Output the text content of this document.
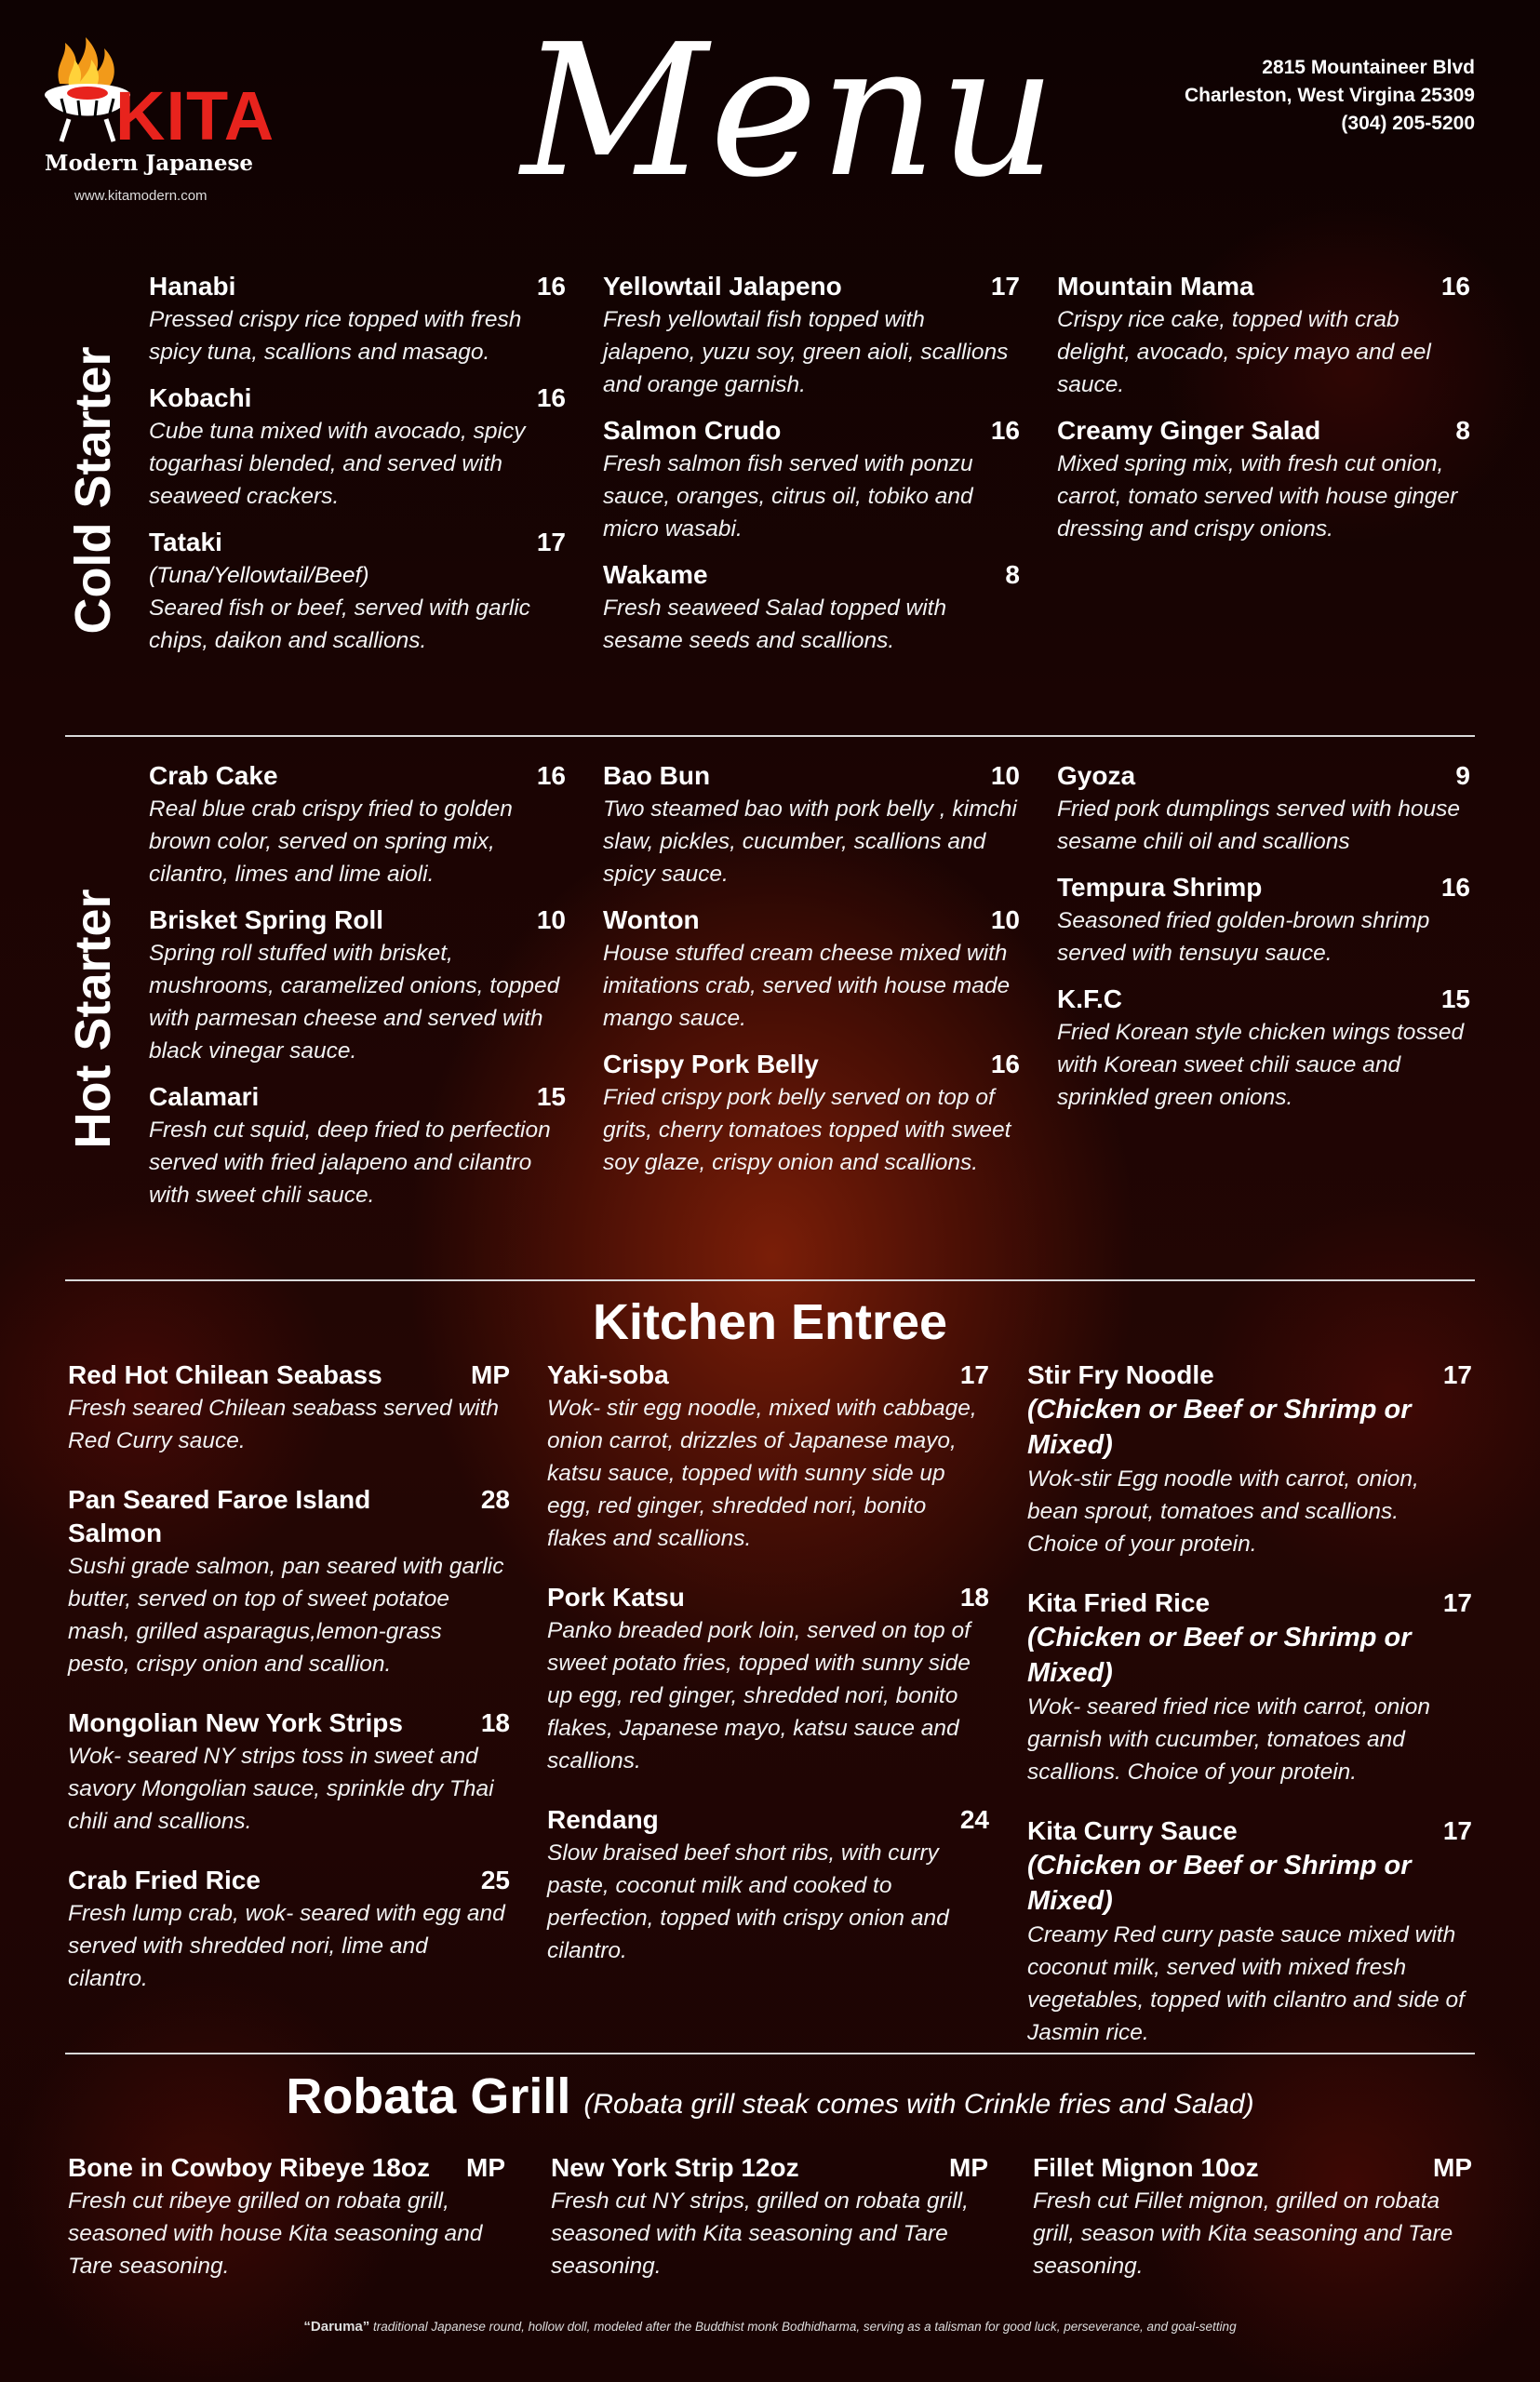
KITA
Modern Japanese
www.kitamodern.com Menu	2815 Mountaineer Blvd
Charleston, West Virgina 25309
(304) 205-5200
Cold Starter
Hanabi	16
Pressed crispy rice topped with fresh spicy tuna, scallions and masago.
Kobachi	16
Cube tuna mixed with avocado, spicy togarhasi blended, and served with seaweed crackers.
Tataki	17
(Tuna/Yellowtail/Beef)
Seared fish or beef, served with garlic chips, daikon and scallions.
Yellowtail Jalapeno	17
Fresh yellowtail fish topped with jalapeno, yuzu soy, green aioli, scallions and orange garnish.
Salmon Crudo	16
Fresh salmon fish served with ponzu sauce, oranges, citrus oil, tobiko and micro wasabi.
Wakame	8
Fresh seaweed Salad topped with sesame seeds and scallions.
Mountain Mama	16
Crispy rice cake, topped with crab delight, avocado, spicy mayo and eel sauce.
Creamy Ginger Salad	8
Mixed spring mix, with fresh cut onion, carrot, tomato served with house ginger dressing and crispy onions.
Hot Starter
Crab Cake	16
Real blue crab crispy fried to golden brown color, served on spring mix, cilantro, limes and lime aioli.
Brisket Spring Roll	10
Spring roll stuffed with brisket, mushrooms, caramelized onions, topped with parmesan cheese and served with black vinegar sauce.
Calamari	15
Fresh cut squid, deep fried to perfection served with fried jalapeno and cilantro with sweet chili sauce.
Bao Bun	10
Two steamed bao with pork belly , kimchi slaw, pickles, cucumber, scallions and spicy sauce.
Wonton	10
House stuffed cream cheese mixed with imitations crab, served with house made mango sauce.
Crispy Pork Belly	16
Fried crispy pork belly served on top of grits, cherry tomatoes topped with sweet soy glaze, crispy onion and scallions.
Gyoza	9
Fried pork dumplings served with house sesame chili oil and scallions
Tempura Shrimp	16
Seasoned fried golden-brown shrimp served with tensuyu sauce.
K.F.C	15
Fried Korean style chicken wings tossed with Korean sweet chili sauce and sprinkled green onions.
Kitchen Entree
Red Hot Chilean Seabass	MP
Fresh seared Chilean seabass served with Red Curry sauce.
Pan Seared Faroe Island Salmon
28
Sushi grade salmon, pan seared with garlic butter, served on top of sweet potatoe mash, grilled asparagus,lemon-grass pesto, crispy onion and scallion.
Mongolian New York Strips	18
Wok- seared NY strips toss in sweet and savory Mongolian sauce, sprinkle dry Thai chili and scallions.
Crab Fried Rice	25
Fresh lump crab, wok- seared with egg and served with shredded nori, lime and cilantro.
Yaki-soba	17
Wok- stir egg noodle, mixed with cabbage, onion carrot, drizzles of Japanese mayo, katsu sauce, topped with sunny side up egg, red ginger, shredded nori, bonito flakes and scallions.
Pork Katsu	18
Panko breaded pork loin, served on top of sweet potato fries, topped with sunny side up egg, red ginger, shredded nori, bonito flakes, Japanese mayo, katsu sauce and scallions.
Rendang	24
Slow braised beef short ribs, with curry paste, coconut milk and cooked to perfection, topped with crispy onion and cilantro.
Stir Fry Noodle	17
(Chicken or Beef or Shrimp or Mixed)
Wok-stir Egg noodle with carrot, onion, bean sprout, tomatoes and scallions. Choice of your protein.
Kita Fried Rice	17
(Chicken or Beef or Shrimp or Mixed)
Wok- seared fried rice with carrot, onion garnish with cucumber, tomatoes and scallions. Choice of your protein.
Kita Curry Sauce	17
(Chicken or Beef or Shrimp or Mixed)
Creamy Red curry paste sauce mixed with coconut milk, served with mixed fresh vegetables, topped with cilantro and side of Jasmin rice.
Robata Grill (Robata grill steak comes with Crinkle fries and Salad)
Bone in Cowboy Ribeye 18oz	MP
Fresh cut ribeye grilled on robata grill, seasoned with house Kita seasoning and Tare seasoning.
New York Strip 12oz	MP
Fresh cut NY strips, grilled on robata grill, seasoned with Kita seasoning and Tare seasoning.
Fillet Mignon 10oz	MP
Fresh cut Fillet mignon, grilled on robata grill, season with Kita seasoning and Tare seasoning.
“Daruma” traditional Japanese round, hollow doll, modeled after the Buddhist monk Bodhidharma, serving as a talisman for good luck, perseverance, and goal-setting
